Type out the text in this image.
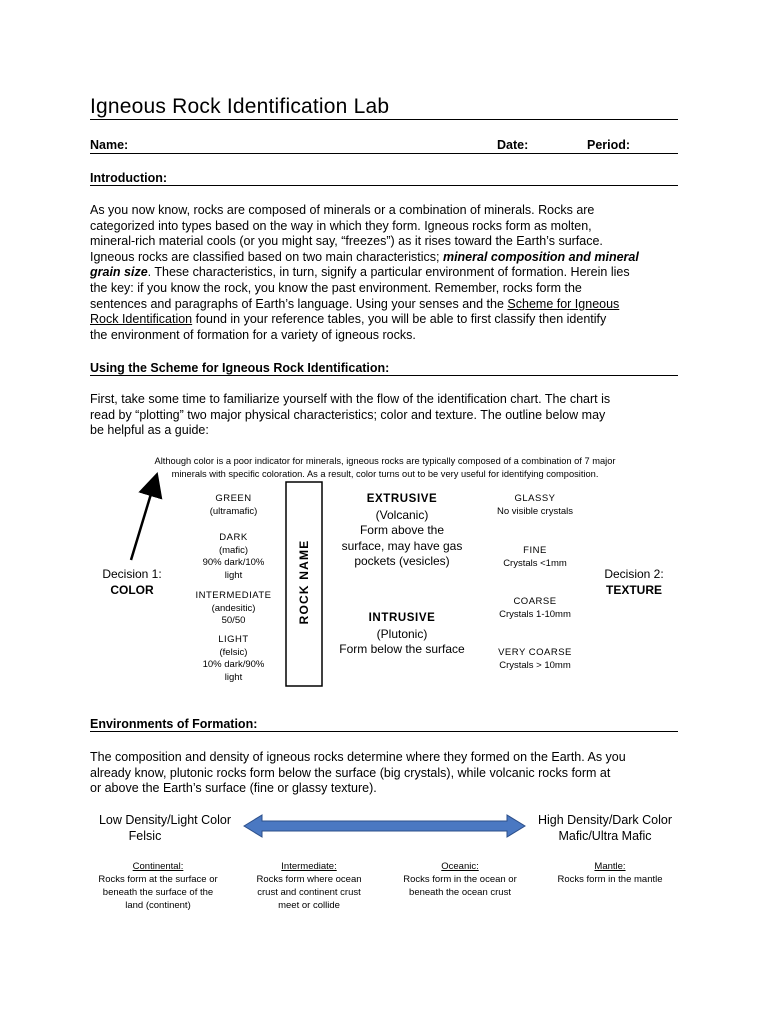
Igneous Rock Identification Lab
Name:	Date:	Period:
Introduction:
As you now know, rocks are composed of minerals or a combination of minerals. Rocks are
categorized into types based on the way in which they form. Igneous rocks form as molten,
mineral-rich material cools (or you might say, “freezes”) as it rises toward the Earth’s surface.
Igneous rocks are classified based on two main characteristics; mineral composition and mineral
grain size. These characteristics, in turn, signify a particular environment of formation. Herein lies
the key: if you know the rock, you know the past environment. Remember, rocks form the
sentences and paragraphs of Earth’s language. Using your senses and the Scheme for Igneous
Rock Identification found in your reference tables, you will be able to first classify then identify
the environment of formation for a variety of igneous rocks.
Using the Scheme for Igneous Rock Identification:
First, take some time to familiarize yourself with the flow of the identification chart. The chart is
read by “plotting” two major physical characteristics; color and texture. The outline below may
be helpful as a guide:
Although color is a poor indicator for minerals, igneous rocks are typically composed of a combination of 7 major
minerals with specific coloration. As a result, color turns out to be very useful for identifying composition.
Decision 1:
COLOR
GREEN
(ultramafic)
DARK
(mafic)
90% dark/10%
light
INTERMEDIATE
(andesitic)
50/50
LIGHT
(felsic)
10% dark/90%
light
ROCK NAME
EXTRUSIVE
(Volcanic)
Form above the
surface, may have gas
pockets (vesicles)
INTRUSIVE
(Plutonic)
Form below the surface
GLASSY
No visible crystals
FINE
Crystals <1mm
COARSE
Crystals 1-10mm
VERY COARSE
Crystals > 10mm
Decision 2:
TEXTURE
Environments of Formation:
The composition and density of igneous rocks determine where they formed on the Earth. As you
already know, plutonic rocks form below the surface (big crystals), while volcanic rocks form at
or above the Earth’s surface (fine or glassy texture).
Low Density/Light Color
Felsic
High Density/Dark Color
Mafic/Ultra Mafic
Continental:
Rocks form at the surface or
beneath the surface of the
land (continent)
Intermediate:
Rocks form where ocean
crust and continent crust
meet or collide
Oceanic:
Rocks form in the ocean or
beneath the ocean crust
Mantle:
Rocks form in the mantle
